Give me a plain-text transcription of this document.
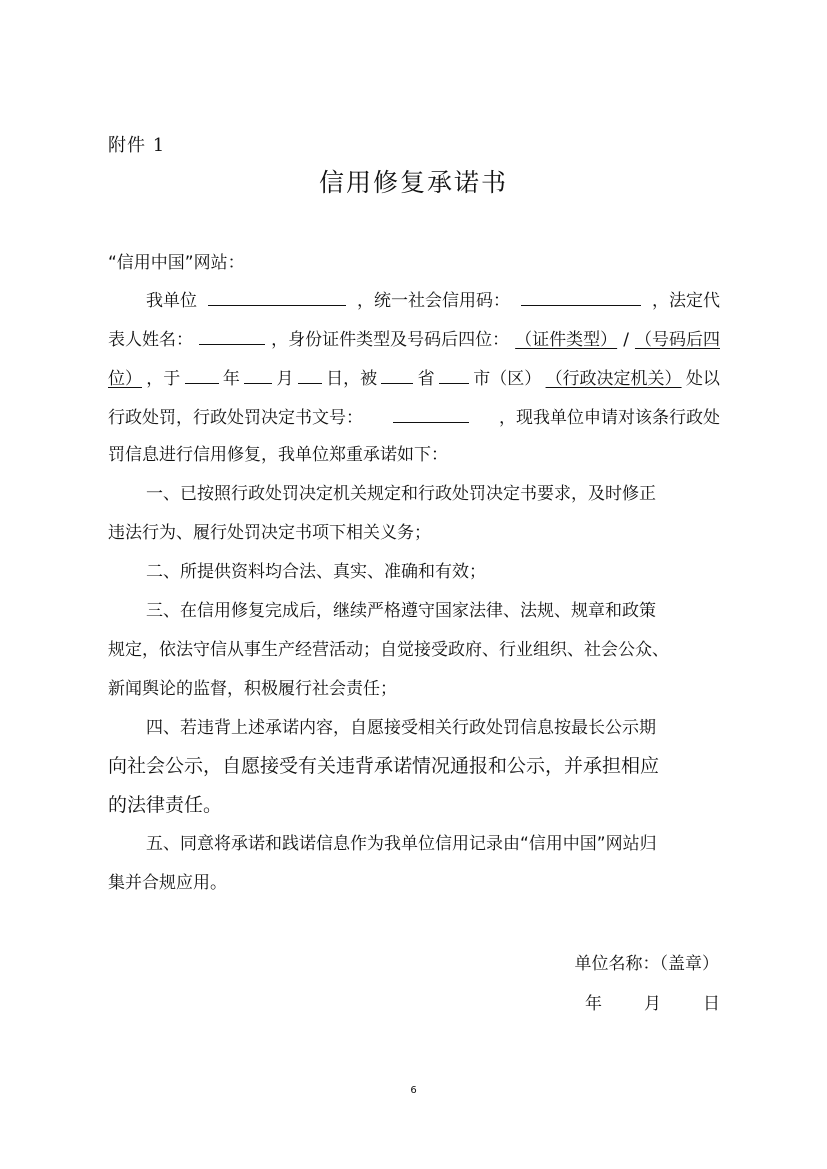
附件 1
信用修复承诺书
“信用中国”网站：
我单位	，统一社会信用码：	，法定代
表人姓名：	，身份证件类型及号码后四位： （证件类型） / （号码后四
位） ，于	年 月 日，被 省 市（区） （行政决定机关） 处以
行政处罚，行政处罚决定书文号：	，现我单位申请对该条行政处
罚信息进行信用修复，我单位郑重承诺如下：
一、已按照行政处罚决定机关规定和行政处罚决定书要求，及时修正
违法行为、履行处罚决定书项下相关义务；
二、所提供资料均合法、真实、准确和有效；
三、在信用修复完成后，继续严格遵守国家法律、法规、规章和政策
规定，依法守信从事生产经营活动；自觉接受政府、行业组织、社会公众、
新闻舆论的监督，积极履行社会责任；
四、若违背上述承诺内容，自愿接受相关行政处罚信息按最长公示期
向社会公示，自愿接受有关违背承诺情况通报和公示，并承担相应
的法律责任。
五、同意将承诺和践诺信息作为我单位信用记录由“信用中国”网站归
集并合规应用。
单位名称：（盖章）
年 月 日
6
